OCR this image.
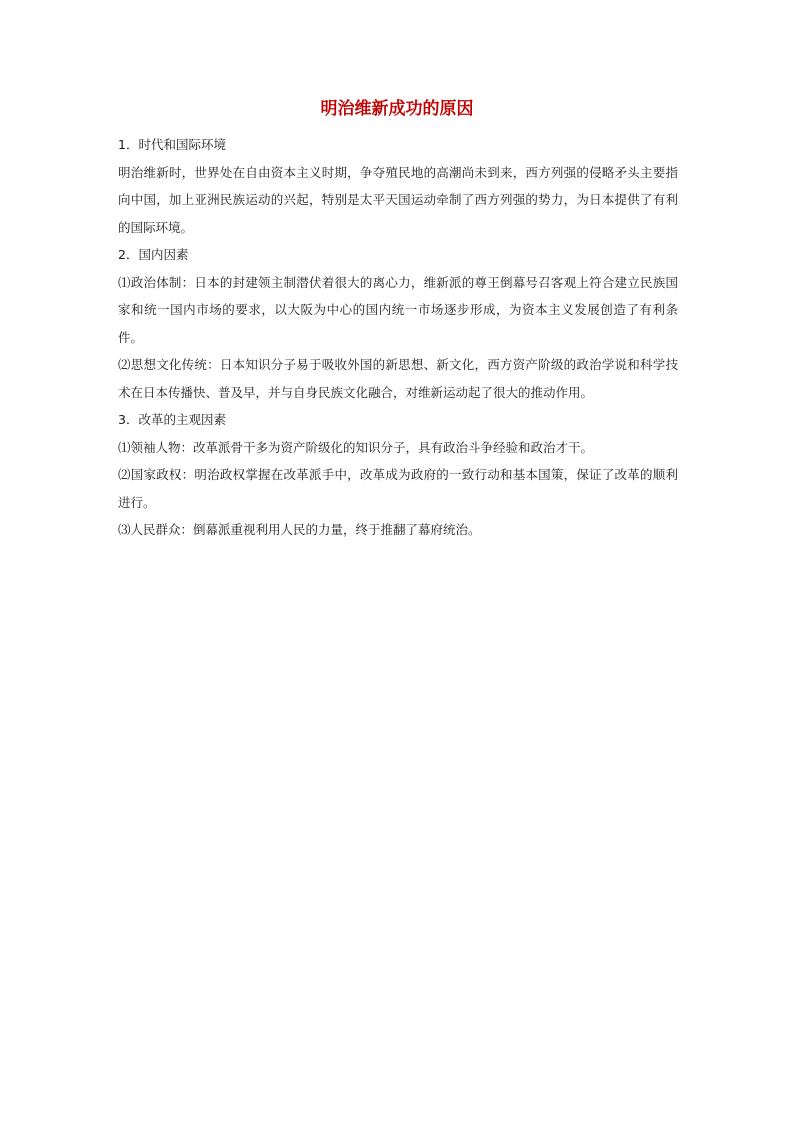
明治维新成功的原因

1．时代和国际环境

明治维新时，世界处在自由资本主义时期，争夺殖民地的高潮尚未到来，西方列强的侵略矛头主要指向中国，加上亚洲民族运动的兴起，特别是太平天国运动牵制了西方列强的势力，为日本提供了有利的国际环境。

2．国内因素

⑴政治体制：日本的封建领主制潜伏着很大的离心力，维新派的尊王倒幕号召客观上符合建立民族国家和统一国内市场的要求，以大阪为中心的国内统一市场逐步形成，为资本主义发展创造了有利条件。

⑵思想文化传统：日本知识分子易于吸收外国的新思想、新文化，西方资产阶级的政治学说和科学技术在日本传播快、普及早，并与自身民族文化融合，对维新运动起了很大的推动作用。

3．改革的主观因素

⑴领袖人物：改革派骨干多为资产阶级化的知识分子，具有政治斗争经验和政治才干。

⑵国家政权：明治政权掌握在改革派手中，改革成为政府的一致行动和基本国策，保证了改革的顺利进行。

⑶人民群众：倒幕派重视利用人民的力量，终于推翻了幕府统治。
